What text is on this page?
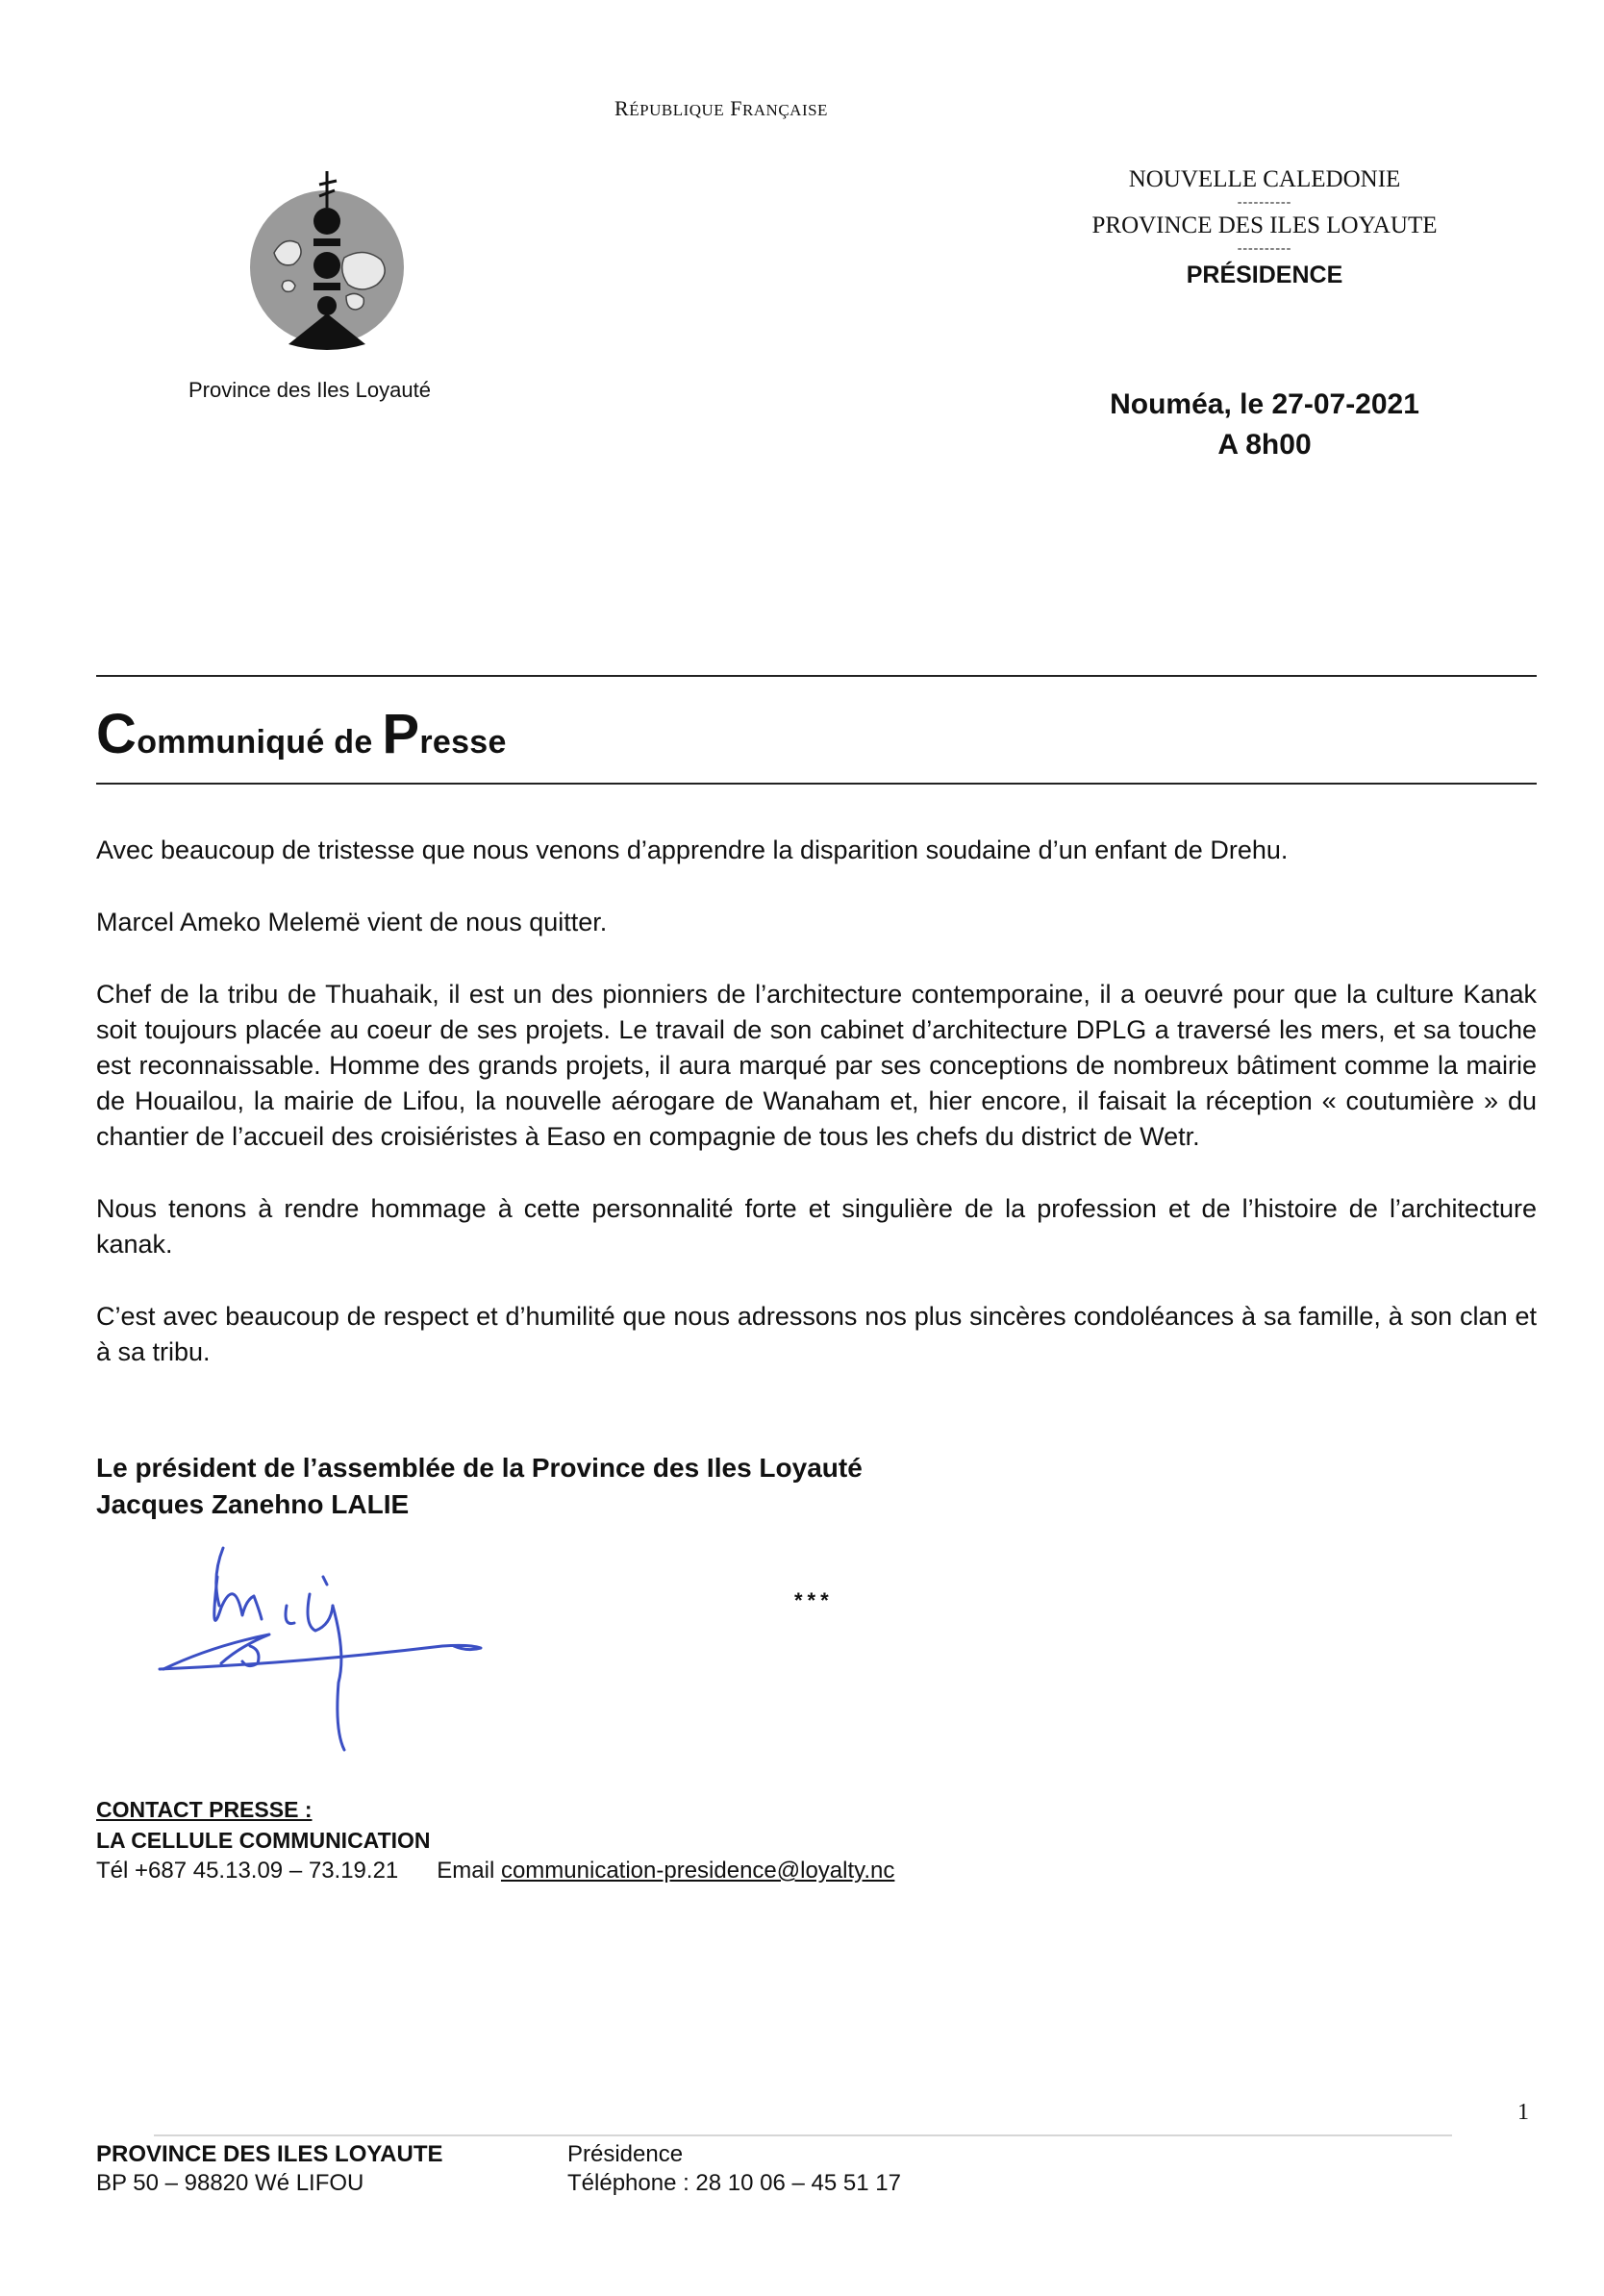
RÉPUBLIQUE FRANÇAISE
Province des Iles Loyauté
NOUVELLE CALEDONIE
----------
PROVINCE DES ILES LOYAUTE
----------
PRÉSIDENCE
Nouméa, le 27-07-2021
A 8h00
Communiqué de Presse

Avec beaucoup de tristesse que nous venons d’apprendre la disparition soudaine d’un enfant de Drehu.

Marcel Ameko Melemë vient de nous quitter.

Chef de la tribu de Thuahaik, il est un des pionniers de l’architecture contemporaine, il a oeuvré pour que la culture Kanak soit toujours placée au coeur de ses projets. Le travail de son cabinet d’architecture DPLG a traversé les mers, et sa touche est reconnaissable. Homme des grands projets, il aura marqué par ses conceptions de nombreux bâtiment comme la mairie de Houailou, la mairie de Lifou, la nouvelle aérogare de Wanaham et, hier encore, il faisait la réception « coutumière » du chantier de l’accueil des croisiéristes à Easo en compagnie de tous les chefs du district de Wetr.

Nous tenons à rendre hommage à cette personnalité forte et singulière de la profession et de l’histoire de l’architecture kanak.

C’est avec beaucoup de respect et d’humilité que nous adressons nos plus sincères condoléances à sa famille, à son clan et à sa tribu.

Le président de l’assemblée de la Province des Iles Loyauté
Jacques Zanehno LALIE
***
CONTACT PRESSE :
LA CELLULE COMMUNICATION
Tél +687 45.13.09 – 73.19.21 Email communication-presidence@loyalty.nc
1
PROVINCE DES ILES LOYAUTE
BP 50 – 98820 Wé LIFOU
Présidence
Téléphone : 28 10 06 – 45 51 17
